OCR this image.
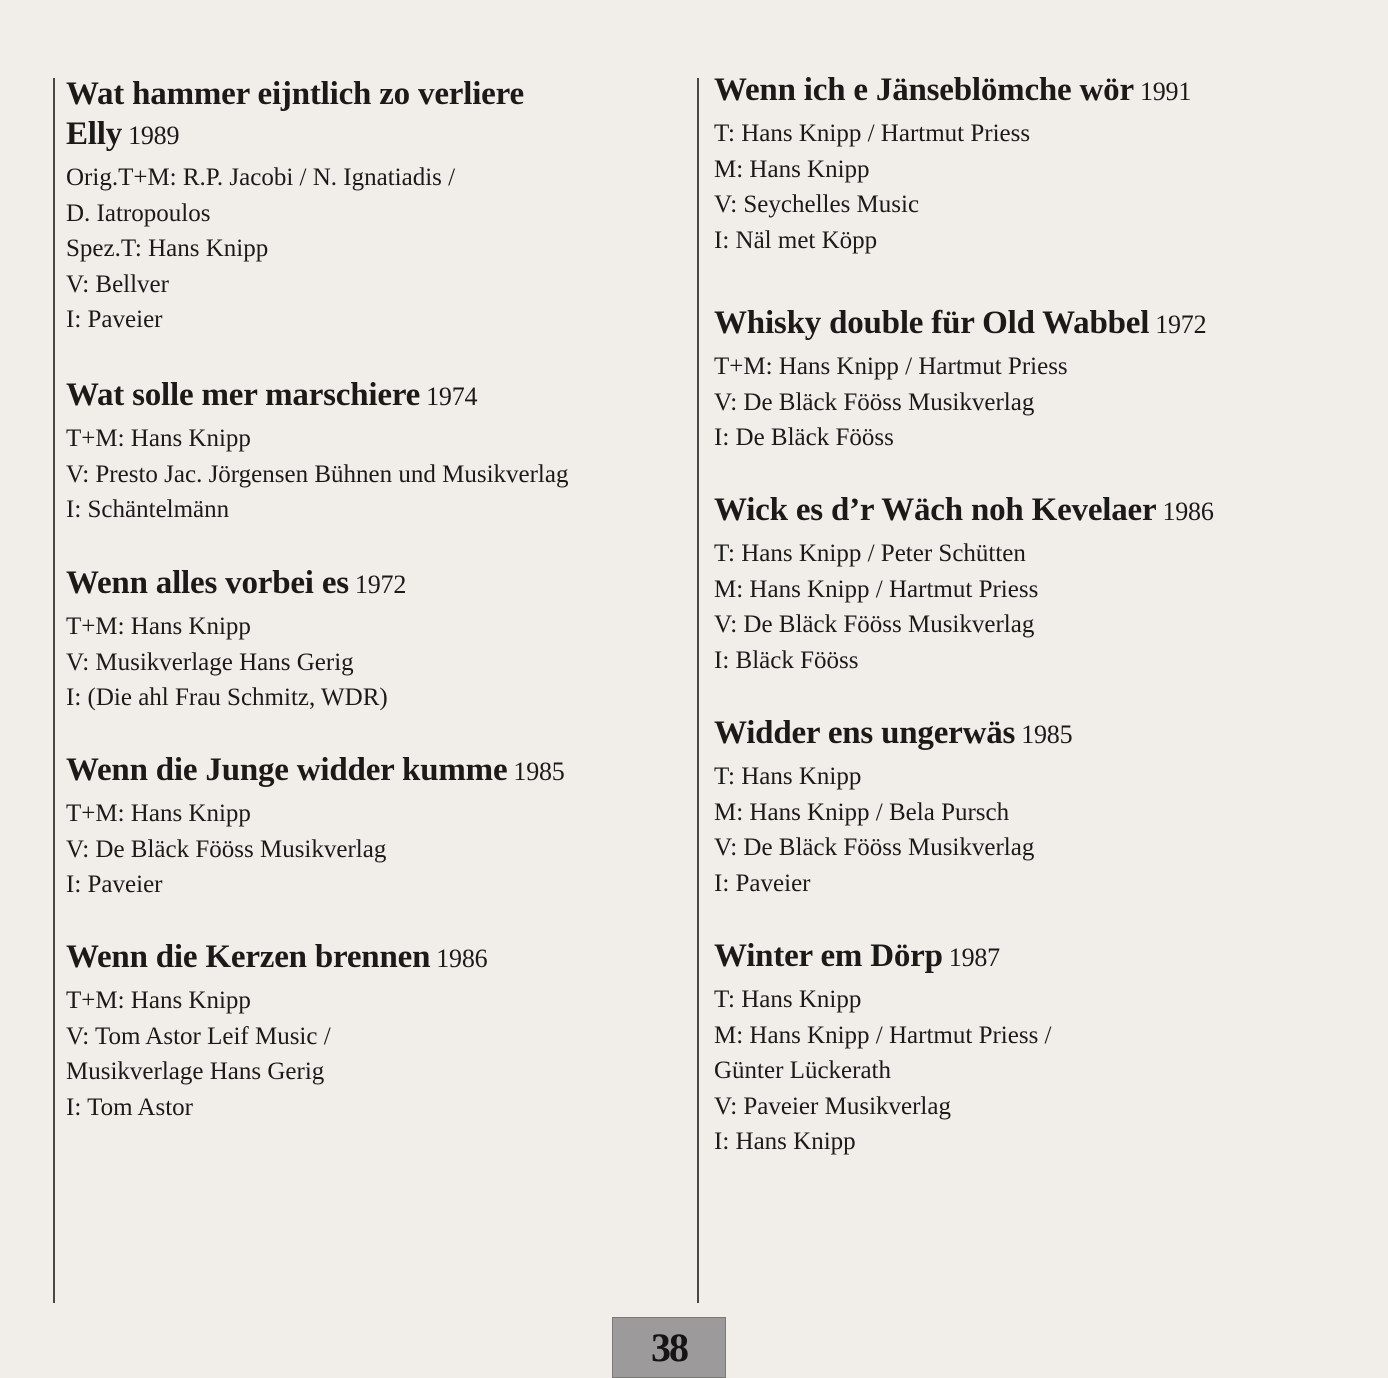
Wat hammer eijntlich zo verliere
Elly 1989
Orig.T+M: R.P. Jacobi / N. Ignatiadis /
D. Iatropoulos
Spez.T: Hans Knipp
V: Bellver
I: Paveier
Wat solle mer marschiere 1974
T+M: Hans Knipp
V: Presto Jac. Jörgensen Bühnen und Musikverlag
I: Schäntelmänn
Wenn alles vorbei es 1972
T+M: Hans Knipp
V: Musikverlage Hans Gerig
I: (Die ahl Frau Schmitz, WDR)
Wenn die Junge widder kumme 1985
T+M: Hans Knipp
V: De Bläck Fööss Musikverlag
I: Paveier
Wenn die Kerzen brennen 1986
T+M: Hans Knipp
V: Tom Astor Leif Music /
Musikverlage Hans Gerig
I: Tom Astor
Wenn ich e Jänseblömche wör 1991
T: Hans Knipp / Hartmut Priess
M: Hans Knipp
V: Seychelles Music
I: Näl met Köpp
Whisky double für Old Wabbel 1972
T+M: Hans Knipp / Hartmut Priess
V: De Bläck Fööss Musikverlag
I: De Bläck Fööss
Wick es d’r Wäch noh Kevelaer 1986
T: Hans Knipp / Peter Schütten
M: Hans Knipp / Hartmut Priess
V: De Bläck Fööss Musikverlag
I: Bläck Fööss
Widder ens ungerwäs 1985
T: Hans Knipp
M: Hans Knipp / Bela Pursch
V: De Bläck Fööss Musikverlag
I: Paveier
Winter em Dörp 1987
T: Hans Knipp
M: Hans Knipp / Hartmut Priess /
Günter Lückerath
V: Paveier Musikverlag
I: Hans Knipp
38
